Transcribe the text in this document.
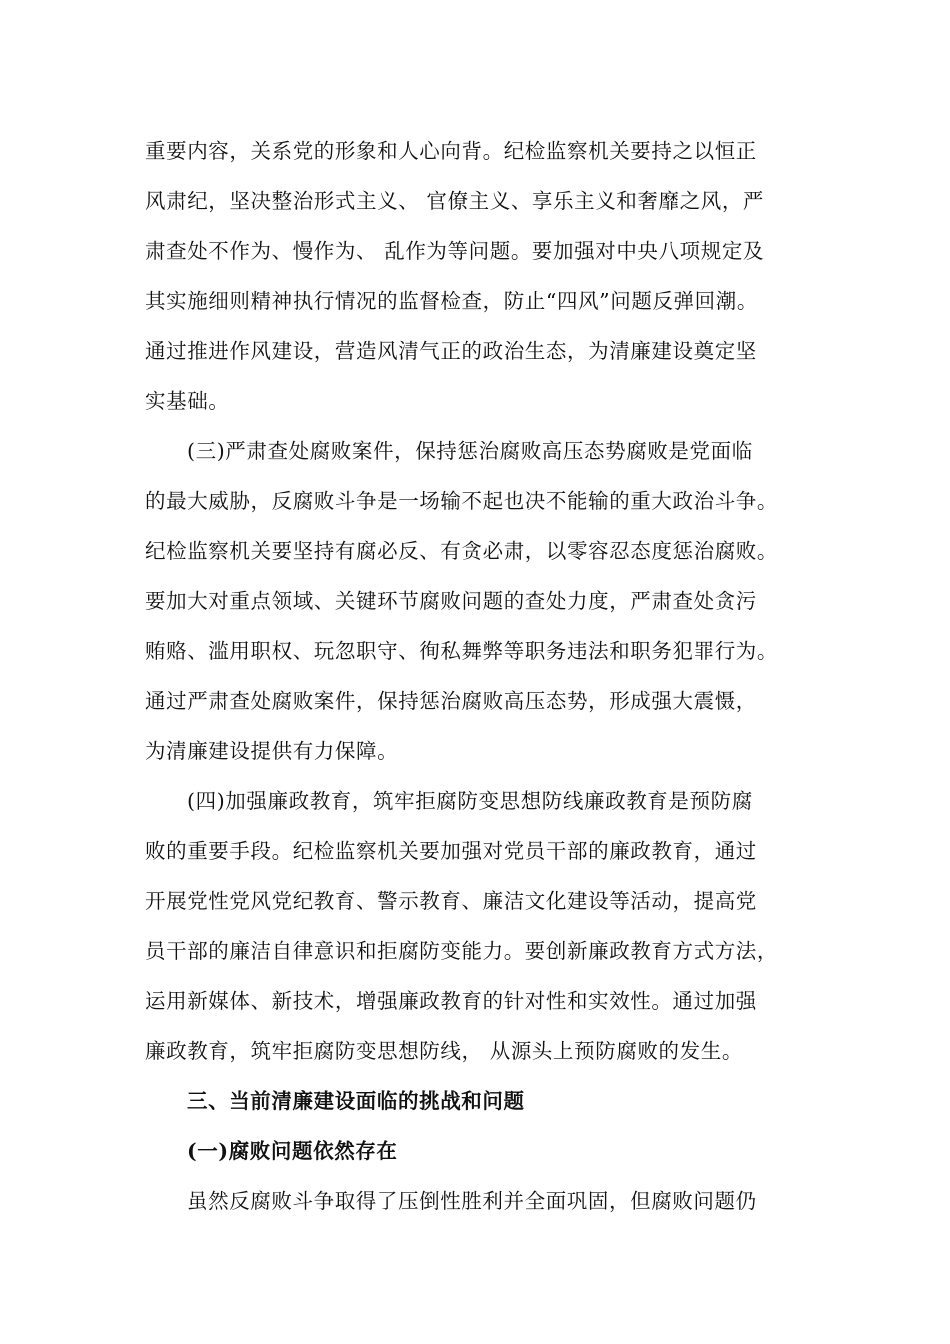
重要内容，关系党的形象和人心向背。纪检监察机关要持之以恒正
风肃纪，坚决整治形式主义、 官僚主义、享乐主义和奢靡之风，严
肃查处不作为、慢作为、 乱作为等问题。要加强对中央八项规定及
其实施细则精神执行情况的监督检查，防止“四风”问题反弹回潮。
通过推进作风建设，营造风清气正的政治生态，为清廉建设奠定坚
实基础。
(三)严肃查处腐败案件，保持惩治腐败高压态势腐败是党面临
的最大威胁，反腐败斗争是一场输不起也决不能输的重大政治斗争。
纪检监察机关要坚持有腐必反、有贪必肃，以零容忍态度惩治腐败。
要加大对重点领域、关键环节腐败问题的查处力度，严肃查处贪污
贿赂、滥用职权、玩忽职守、徇私舞弊等职务违法和职务犯罪行为。
通过严肃查处腐败案件，保持惩治腐败高压态势，形成强大震慑，
为清廉建设提供有力保障。
(四)加强廉政教育，筑牢拒腐防变思想防线廉政教育是预防腐
败的重要手段。纪检监察机关要加强对党员干部的廉政教育，通过
开展党性党风党纪教育、警示教育、廉洁文化建设等活动，提高党
员干部的廉洁自律意识和拒腐防变能力。要创新廉政教育方式方法，
运用新媒体、新技术，增强廉政教育的针对性和实效性。通过加强
廉政教育，筑牢拒腐防变思想防线， 从源头上预防腐败的发生。
三、当前清廉建设面临的挑战和问题
(一)腐败问题依然存在
虽然反腐败斗争取得了压倒性胜利并全面巩固，但腐败问题仍
